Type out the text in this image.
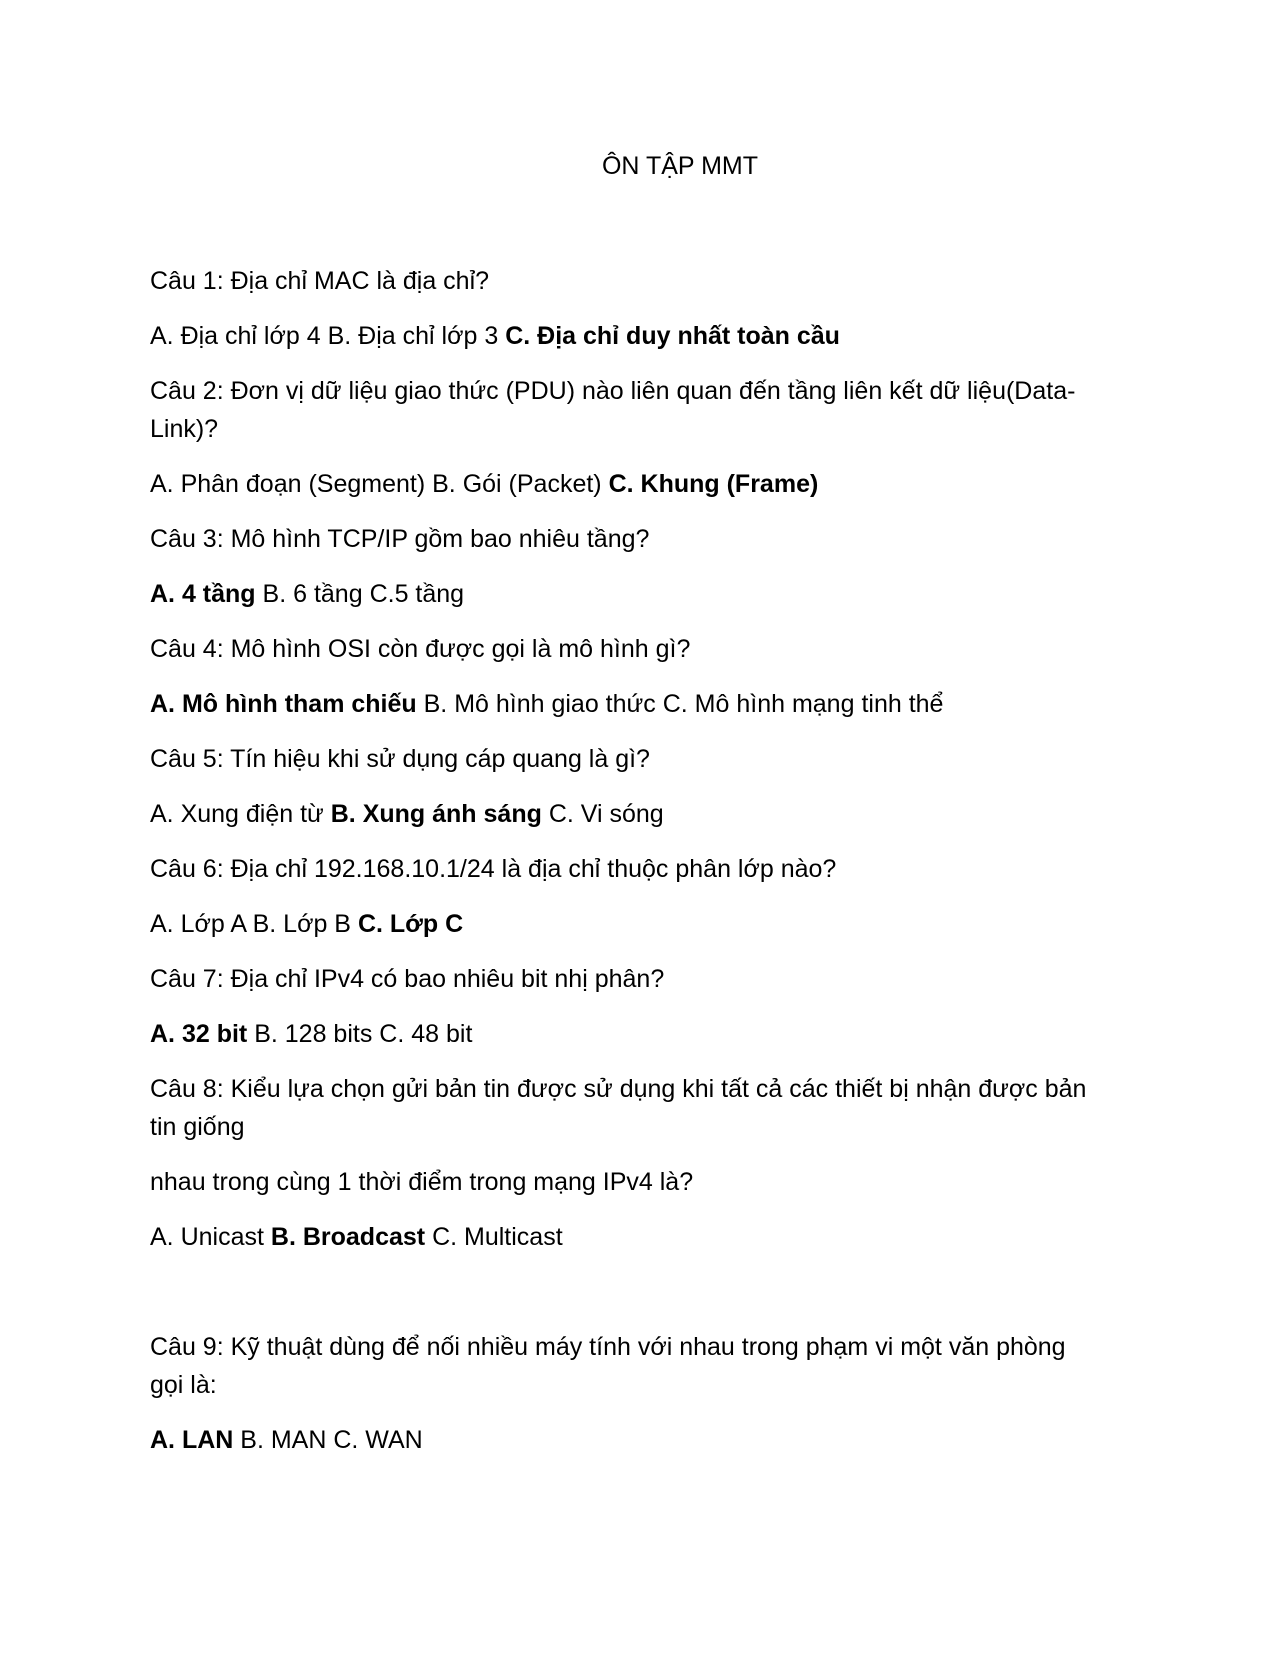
ÔN TẬP MMT

Câu 1: Địa chỉ MAC là địa chỉ?

A. Địa chỉ lớp 4 B. Địa chỉ lớp 3 C. Địa chỉ duy nhất toàn cầu

Câu 2: Đơn vị dữ liệu giao thức (PDU) nào liên quan đến tầng liên kết dữ liệu(Data-Link)?

A. Phân đoạn (Segment) B. Gói (Packet) C. Khung (Frame)

Câu 3: Mô hình TCP/IP gồm bao nhiêu tầng?

A. 4 tầng B. 6 tầng C.5 tầng

Câu 4: Mô hình OSI còn được gọi là mô hình gì?

A. Mô hình tham chiếu B. Mô hình giao thức C. Mô hình mạng tinh thể

Câu 5: Tín hiệu khi sử dụng cáp quang là gì?

A. Xung điện từ B. Xung ánh sáng C. Vi sóng

Câu 6: Địa chỉ 192.168.10.1/24 là địa chỉ thuộc phân lớp nào?

A. Lớp A B. Lớp B C. Lớp C

Câu 7: Địa chỉ IPv4 có bao nhiêu bit nhị phân?

A. 32 bit B. 128 bits C. 48 bit

Câu 8: Kiểu lựa chọn gửi bản tin được sử dụng khi tất cả các thiết bị nhận được bản tin giống

nhau trong cùng 1 thời điểm trong mạng IPv4 là?

A. Unicast B. Broadcast C. Multicast

Câu 9: Kỹ thuật dùng để nối nhiều máy tính với nhau trong phạm vi một văn phòng gọi là:

A. LAN B. MAN C. WAN
